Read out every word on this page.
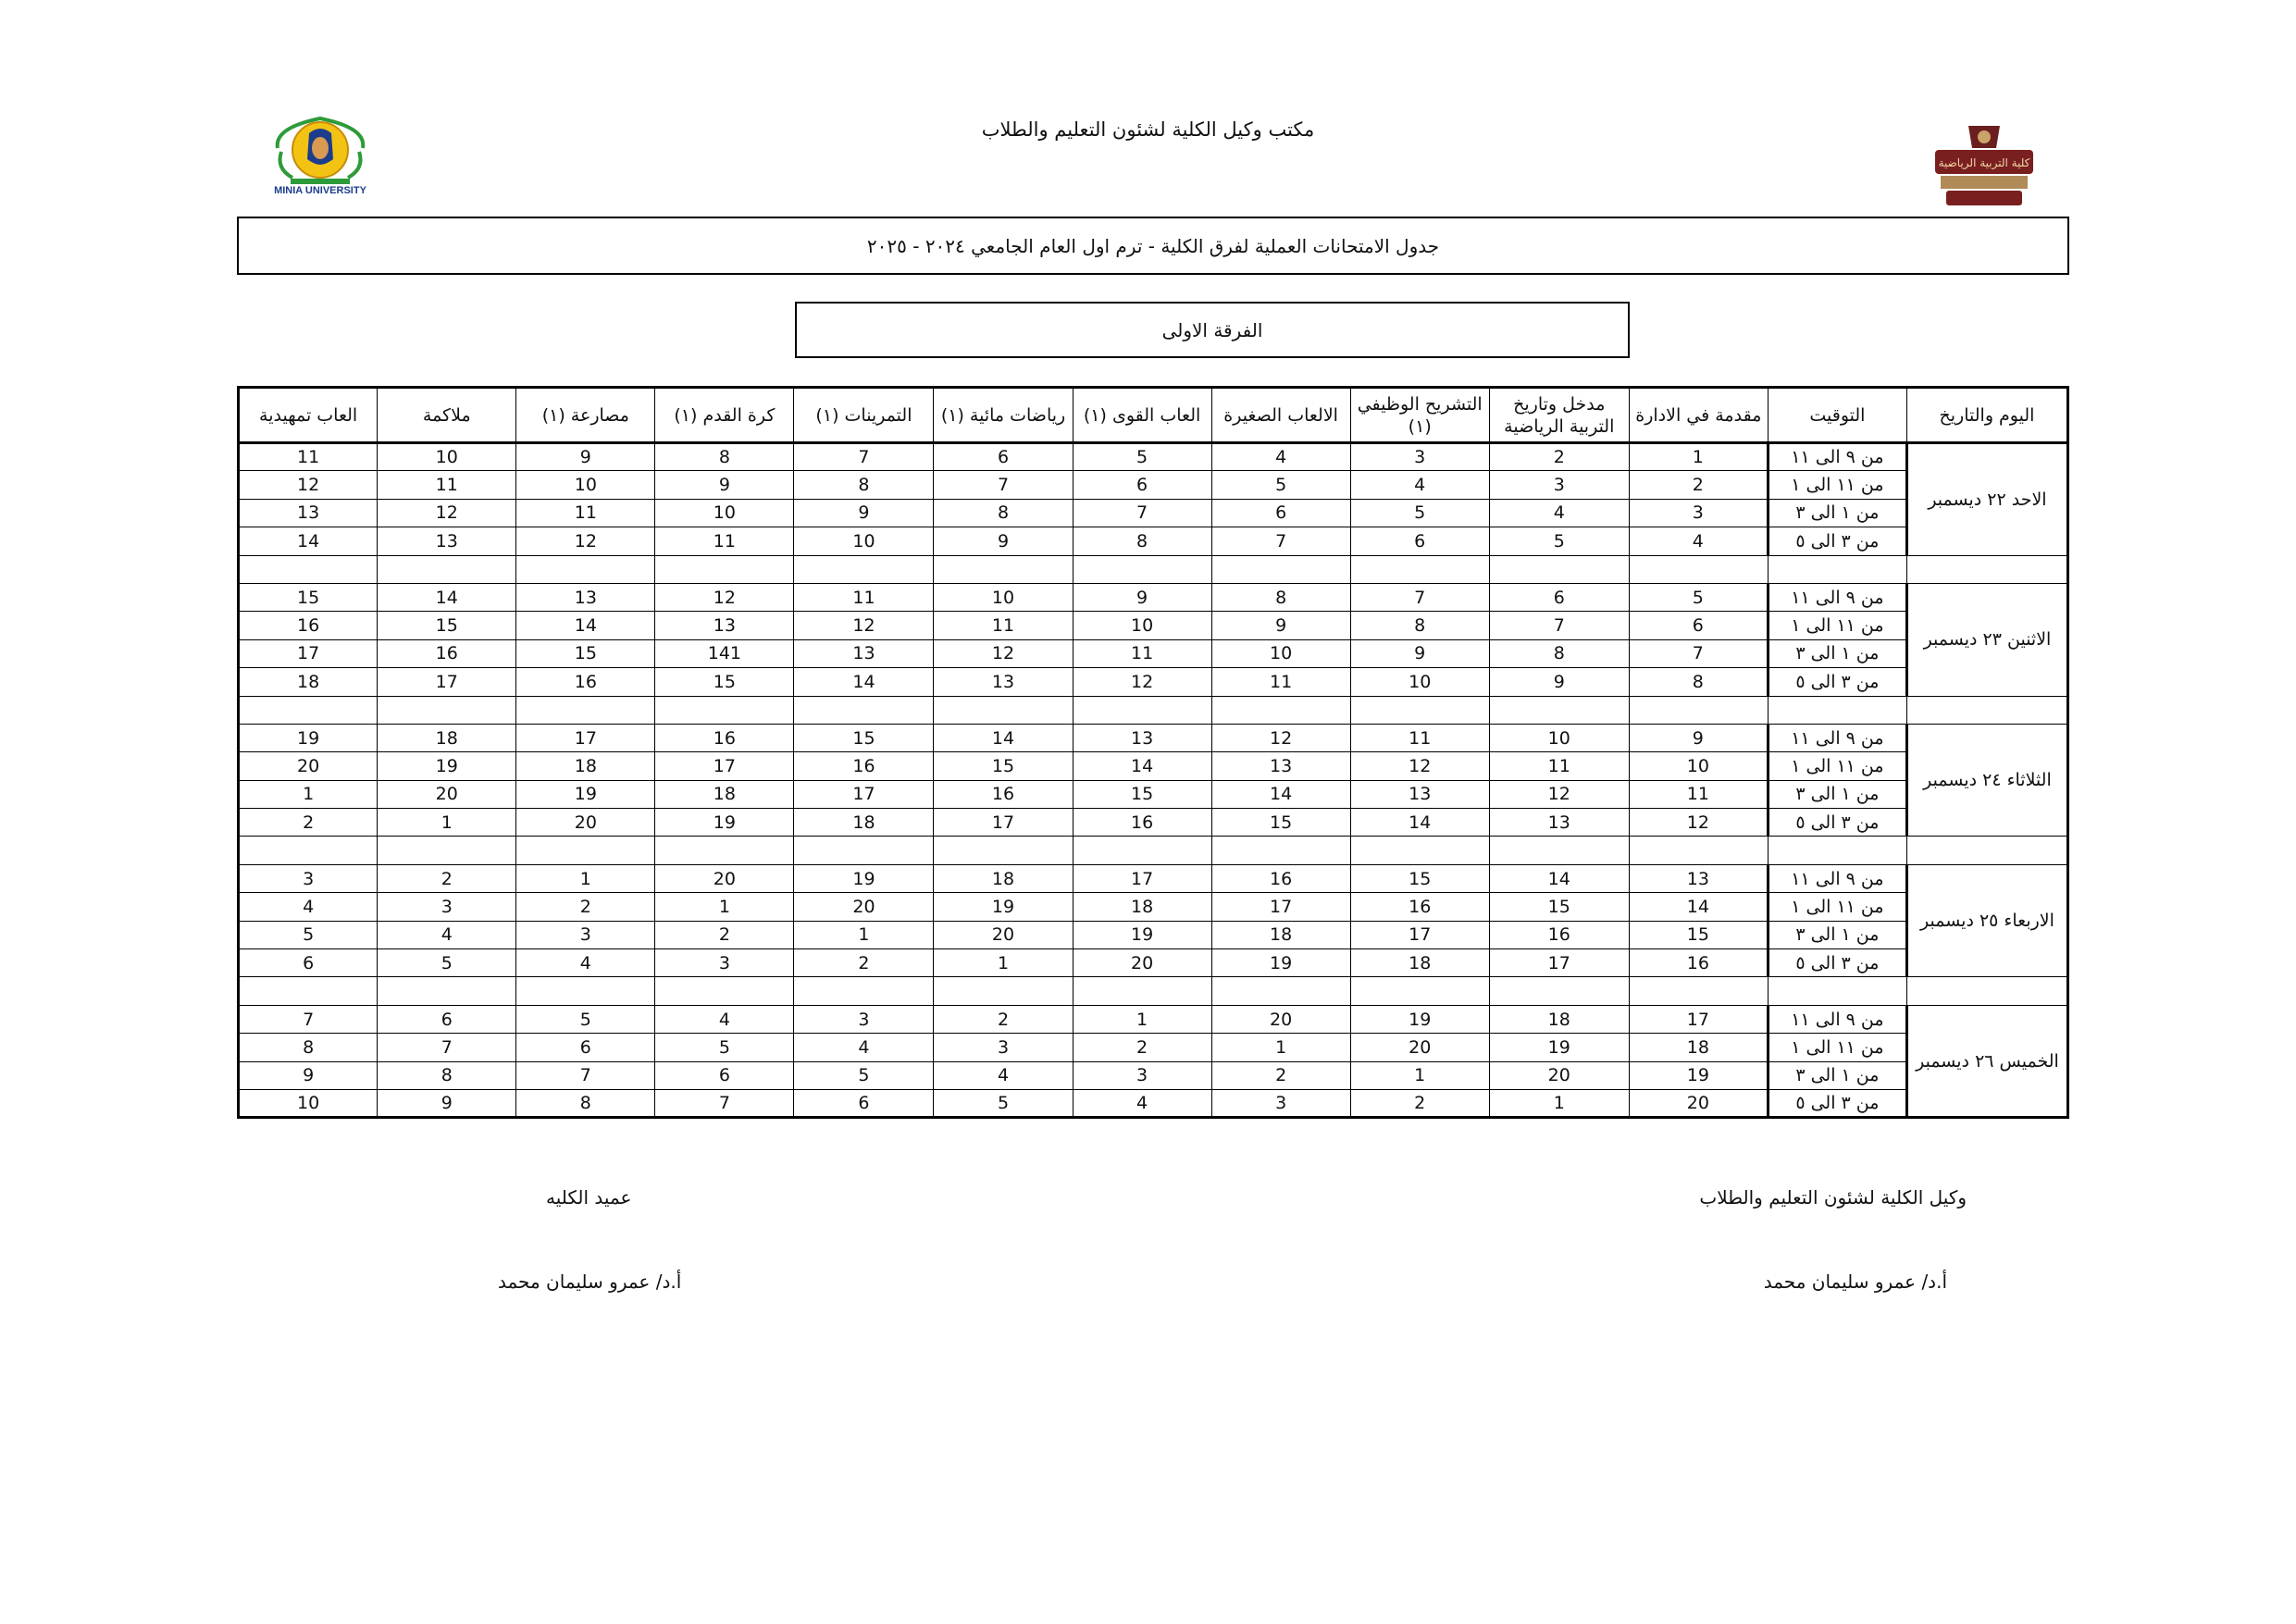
مكتب وكيل الكلية لشئون التعليم والطلاب
MINIA UNIVERSITY
كلية التربية الرياضية
جدول الامتحانات العملية لفرق الكلية - ترم اول العام الجامعي ٢٠٢٤ - ٢٠٢٥
الفرقة الاولى
اليوم والتاريخ	التوقيت	مقدمة في الادارة	مدخل وتاريخ التربية الرياضية	التشريح الوظيفي (١)	الالعاب الصغيرة	العاب القوى (١)	رياضات مائية (١)	التمرينات (١)	كرة القدم (١)	مصارعة (١)	ملاكمة	العاب تمهيدية
الاحد ٢٢ ديسمبر	من ٩ الى ١١	1	2	3	4	5	6	7	8	9	10	11
	من ١١ الى ١	2	3	4	5	6	7	8	9	10	11	12
	من ١ الى ٣	3	4	5	6	7	8	9	10	11	12	13
	من ٣ الى ٥	4	5	6	7	8	9	10	11	12	13	14

الاثنين ٢٣ ديسمبر	من ٩ الى ١١	5	6	7	8	9	10	11	12	13	14	15
	من ١١ الى ١	6	7	8	9	10	11	12	13	14	15	16
	من ١ الى ٣	7	8	9	10	11	12	13	141	15	16	17
	من ٣ الى ٥	8	9	10	11	12	13	14	15	16	17	18

الثلاثاء ٢٤ ديسمبر	من ٩ الى ١١	9	10	11	12	13	14	15	16	17	18	19
	من ١١ الى ١	10	11	12	13	14	15	16	17	18	19	20
	من ١ الى ٣	11	12	13	14	15	16	17	18	19	20	1
	من ٣ الى ٥	12	13	14	15	16	17	18	19	20	1	2

الاربعاء ٢٥ ديسمبر	من ٩ الى ١١	13	14	15	16	17	18	19	20	1	2	3
	من ١١ الى ١	14	15	16	17	18	19	20	1	2	3	4
	من ١ الى ٣	15	16	17	18	19	20	1	2	3	4	5
	من ٣ الى ٥	16	17	18	19	20	1	2	3	4	5	6

الخميس ٢٦ ديسمبر	من ٩ الى ١١	17	18	19	20	1	2	3	4	5	6	7
	من ١١ الى ١	18	19	20	1	2	3	4	5	6	7	8
	من ١ الى ٣	19	20	1	2	3	4	5	6	7	8	9
	من ٣ الى ٥	20	1	2	3	4	5	6	7	8	9	10
وكيل الكلية لشئون التعليم والطلاب
أ.د/ عمرو سليمان محمد
عميد الكليه
أ.د/ عمرو سليمان محمد
